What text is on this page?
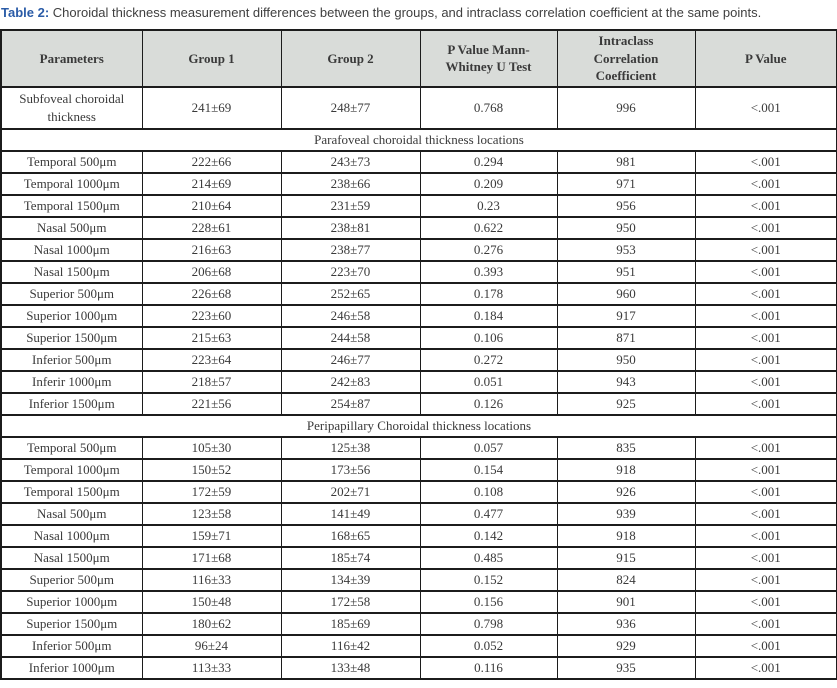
Table 2: Choroidal thickness measurement differences between the groups, and intraclass correlation coefficient at the same points.
Parameters	Group 1	Group 2	P Value Mann-Whitney U Test	Intraclass Correlation Coefficient	P Value
Subfoveal choroidal thickness	241±69	248±77	0.768	996	<.001
Parafoveal choroidal thickness locations					
Temporal 500μm	222±66	243±73	0.294	981	<.001
Temporal 1000μm	214±69	238±66	0.209	971	<.001
Temporal 1500μm	210±64	231±59	0.23	956	<.001
Nasal 500μm	228±61	238±81	0.622	950	<.001
Nasal 1000μm	216±63	238±77	0.276	953	<.001
Nasal 1500μm	206±68	223±70	0.393	951	<.001
Superior 500μm	226±68	252±65	0.178	960	<.001
Superior 1000μm	223±60	246±58	0.184	917	<.001
Superior 1500μm	215±63	244±58	0.106	871	<.001
Inferior 500μm	223±64	246±77	0.272	950	<.001
Inferir 1000μm	218±57	242±83	0.051	943	<.001
Inferior 1500μm	221±56	254±87	0.126	925	<.001
Peripapillary Choroidal thickness locations					
Temporal 500μm	105±30	125±38	0.057	835	<.001
Temporal 1000μm	150±52	173±56	0.154	918	<.001
Temporal 1500μm	172±59	202±71	0.108	926	<.001
Nasal 500μm	123±58	141±49	0.477	939	<.001
Nasal 1000μm	159±71	168±65	0.142	918	<.001
Nasal 1500μm	171±68	185±74	0.485	915	<.001
Superior 500μm	116±33	134±39	0.152	824	<.001
Superior 1000μm	150±48	172±58	0.156	901	<.001
Superior 1500μm	180±62	185±69	0.798	936	<.001
Inferior 500μm	96±24	116±42	0.052	929	<.001
Inferior 1000μm	113±33	133±48	0.116	935	<.001
